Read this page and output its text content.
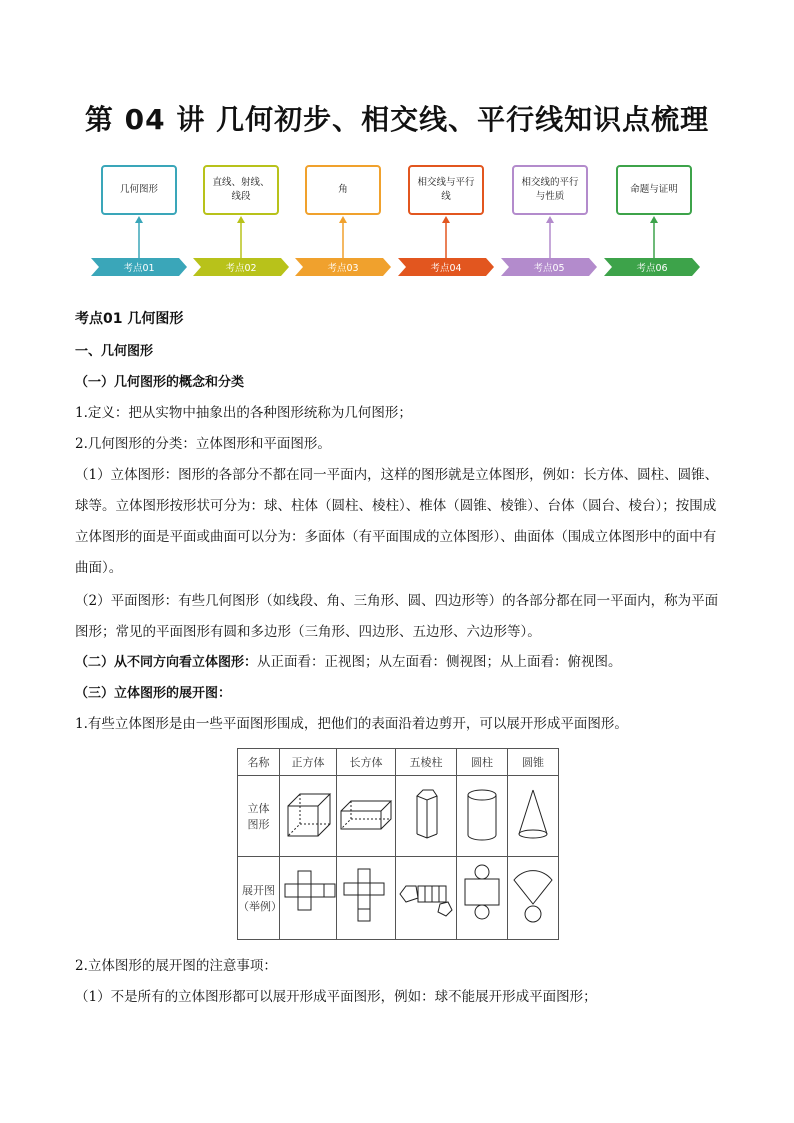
第 04 讲 几何初步、相交线、平行线知识点梳理
几何图形
直线、射线、线段
角
相交线与平行线
相交线的平行与性质
命题与证明
考点01	考点02	考点03	考点04	考点05	考点06
考点01 几何图形
一、几何图形
（一）几何图形的概念和分类
1.定义：把从实物中抽象出的各种图形统称为几何图形；
2.几何图形的分类：立体图形和平面图形。
（1）立体图形：图形的各部分不都在同一平面内，这样的图形就是立体图形，例如：长方体、圆柱、圆锥、球等。立体图形按形状可分为：球、柱体（圆柱、棱柱）、椎体（圆锥、棱锥）、台体（圆台、棱台）；按围成立体图形的面是平面或曲面可以分为：多面体（有平面围成的立体图形）、曲面体（围成立体图形中的面中有曲面）。
（2）平面图形：有些几何图形（如线段、角、三角形、圆、四边形等）的各部分都在同一平面内，称为平面图形；常见的平面图形有圆和多边形（三角形、四边形、五边形、六边形等）。
（二）从不同方向看立体图形：从正面看：正视图；从左面看：侧视图；从上面看：俯视图。
（三）立体图形的展开图：
1.有些立体图形是由一些平面图形围成，把他们的表面沿着边剪开，可以展开形成平面图形。
名称	正方体	长方体	五棱柱	圆柱	圆锥
立体
图形					
展开图
（举例）					
2.立体图形的展开图的注意事项：
（1）不是所有的立体图形都可以展开形成平面图形，例如：球不能展开形成平面图形；
